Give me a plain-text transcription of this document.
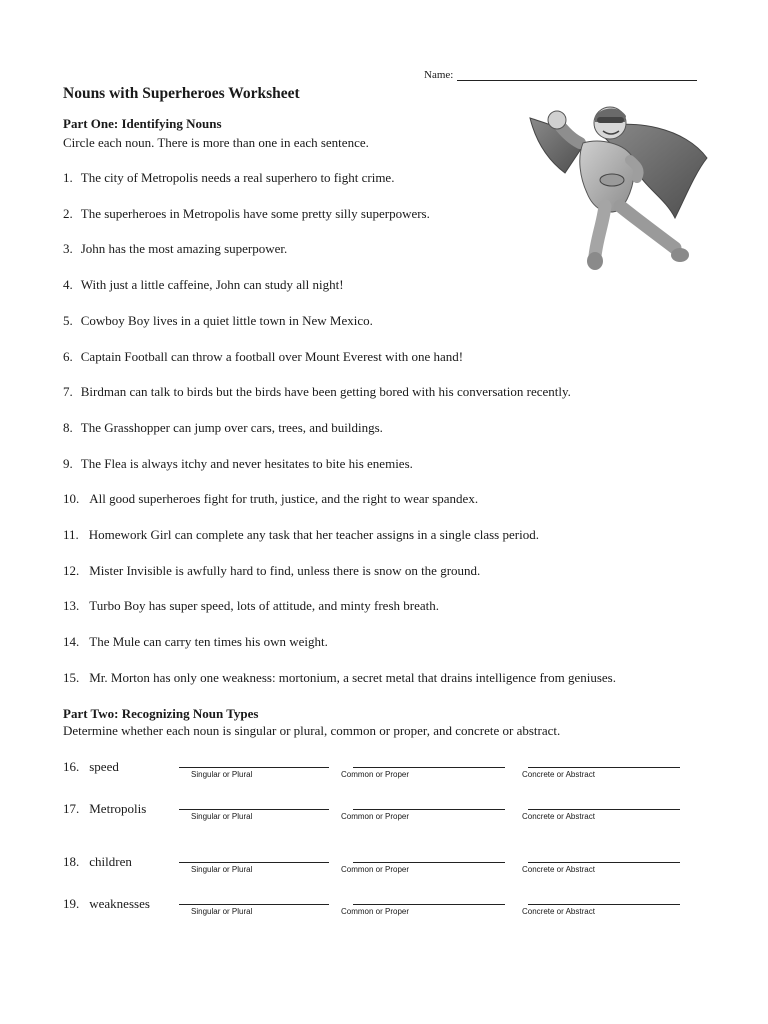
Name:
Nouns with Superheroes Worksheet
Part One: Identifying Nouns
Circle each noun. There is more than one in each sentence.
1. The city of Metropolis needs a real superhero to fight crime.
2. The superheroes in Metropolis have some pretty silly superpowers.
3. John has the most amazing superpower.
4. With just a little caffeine, John can study all night!
5. Cowboy Boy lives in a quiet little town in New Mexico.
6. Captain Football can throw a football over Mount Everest with one hand!
7. Birdman can talk to birds but the birds have been getting bored with his conversation recently.
8. The Grasshopper can jump over cars, trees, and buildings.
9. The Flea is always itchy and never hesitates to bite his enemies.
10. All good superheroes fight for truth, justice, and the right to wear spandex.
11. Homework Girl can complete any task that her teacher assigns in a single class period.
12. Mister Invisible is awfully hard to find, unless there is snow on the ground.
13. Turbo Boy has super speed, lots of attitude, and minty fresh breath.
14. The Mule can carry ten times his own weight.
15. Mr. Morton has only one weakness: mortonium, a secret metal that drains intelligence from geniuses.
Part Two: Recognizing Noun Types
Determine whether each noun is singular or plural, common or proper, and concrete or abstract.
16. speed
Singular or Plural	Common or Proper	Concrete or Abstract
17. Metropolis
Singular or Plural	Common or Proper	Concrete or Abstract
18. children
Singular or Plural	Common or Proper	Concrete or Abstract
19. weaknesses
Singular or Plural	Common or Proper	Concrete or Abstract
